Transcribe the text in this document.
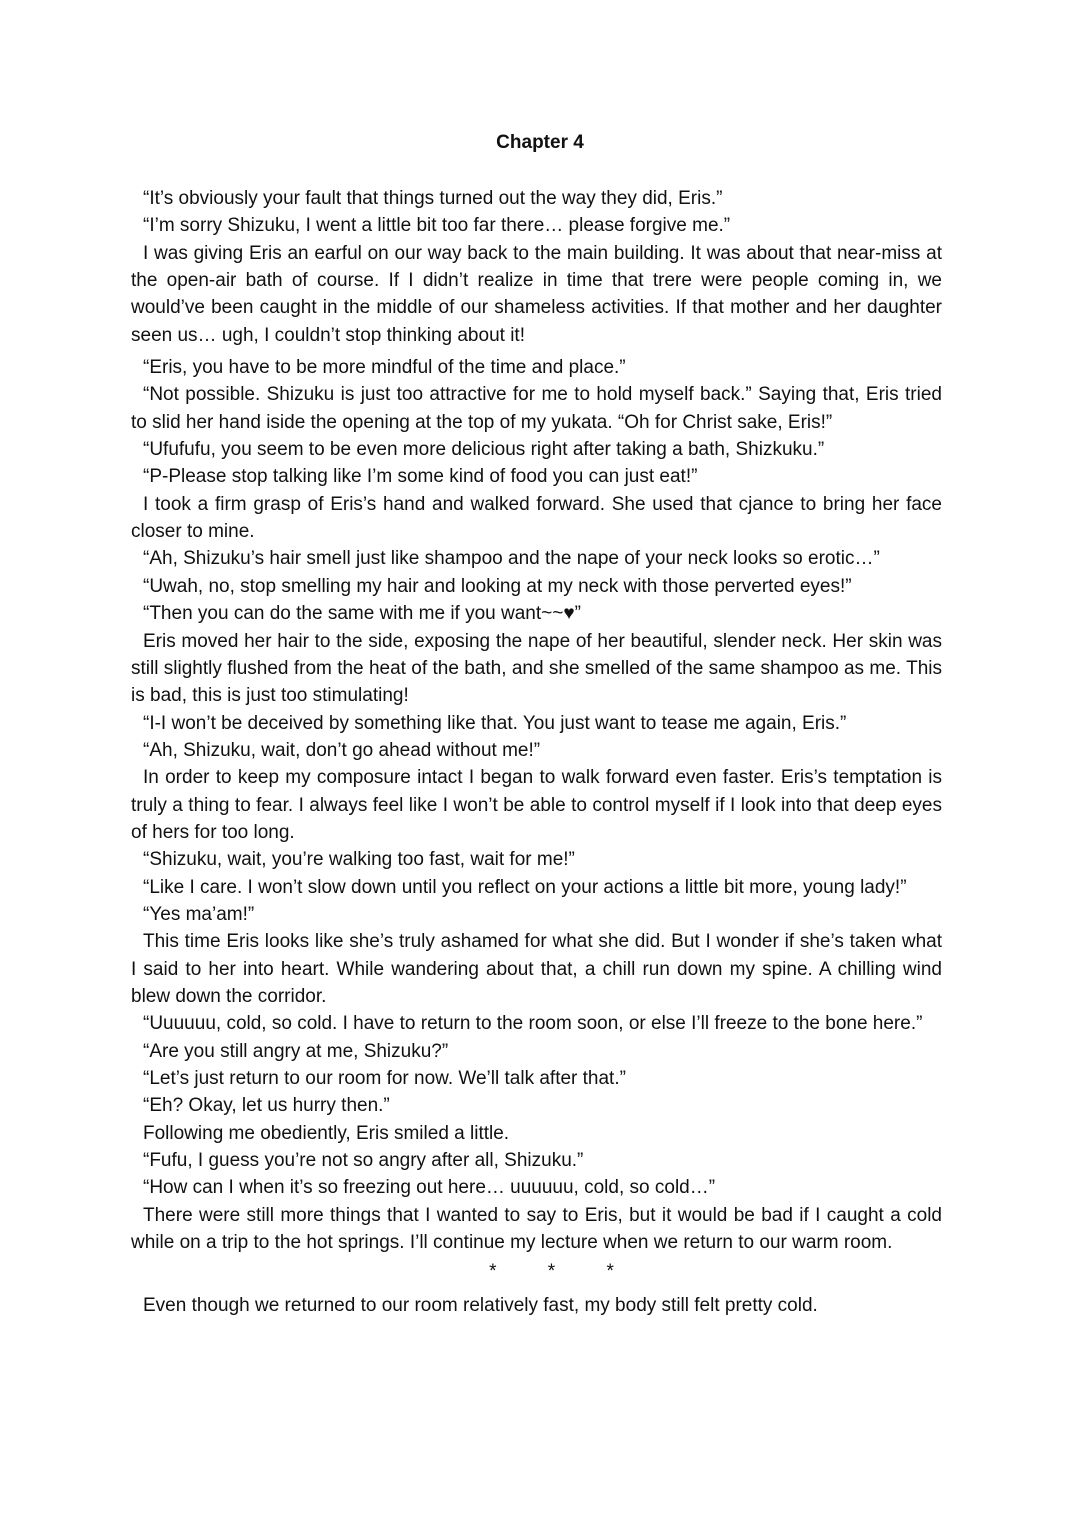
Chapter 4

“It’s obviously your fault that things turned out the way they did, Eris.”

“I’m sorry Shizuku, I went a little bit too far there… please forgive me.”

I was giving Eris an earful on our way back to the main building. It was about that near-miss at the open-air bath of course. If I didn’t realize in time that trere were people coming in, we would’ve been caught in the middle of our shameless activities. If that mother and her daughter seen us… ugh, I couldn’t stop thinking about it!

“Eris, you have to be more mindful of the time and place.”

“Not possible. Shizuku is just too attractive for me to hold myself back.” Saying that, Eris tried to slid her hand iside the opening at the top of my yukata. “Oh for Christ sake, Eris!”

“Ufufufu, you seem to be even more delicious right after taking a bath, Shizkuku.”

“P-Please stop talking like I’m some kind of food you can just eat!”

I took a firm grasp of Eris’s hand and walked forward. She used that cjance to bring her face closer to mine.

“Ah, Shizuku’s hair smell just like shampoo and the nape of your neck looks so erotic…”

“Uwah, no, stop smelling my hair and looking at my neck with those perverted eyes!”

“Then you can do the same with me if you want~~♥”

Eris moved her hair to the side, exposing the nape of her beautiful, slender neck. Her skin was still slightly flushed from the heat of the bath, and she smelled of the same shampoo as me. This is bad, this is just too stimulating!

“I-I won’t be deceived by something like that. You just want to tease me again, Eris.”

“Ah, Shizuku, wait, don’t go ahead without me!”

In order to keep my composure intact I began to walk forward even faster. Eris’s temptation is truly a thing to fear. I always feel like I won’t be able to control myself if I look into that deep eyes of hers for too long.

“Shizuku, wait, you’re walking too fast, wait for me!”

“Like I care. I won’t slow down until you reflect on your actions a little bit more, young lady!”

“Yes ma’am!”

This time Eris looks like she’s truly ashamed for what she did. But I wonder if she’s taken what I said to her into heart. While wandering about that, a chill run down my spine. A chilling wind blew down the corridor.

“Uuuuuu, cold, so cold. I have to return to the room soon, or else I’ll freeze to the bone here.”

“Are you still angry at me, Shizuku?”

“Let’s just return to our room for now. We’ll talk after that.”

“Eh? Okay, let us hurry then.”

Following me obediently, Eris smiled a little.

“Fufu, I guess you’re not so angry after all, Shizuku.”

“How can I when it’s so freezing out here… uuuuuu, cold, so cold…”

There were still more things that I wanted to say to Eris, but it would be bad if I caught a cold while on a trip to the hot springs. I’ll continue my lecture when we return to our warm room.

* * *

Even though we returned to our room relatively fast, my body still felt pretty cold.
